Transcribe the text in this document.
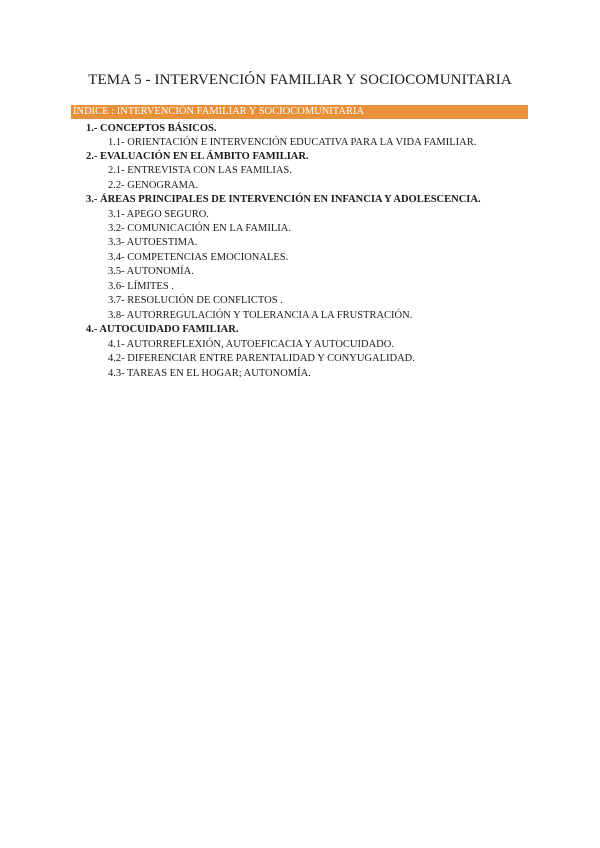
TEMA 5 - INTERVENCIÓN FAMILIAR Y SOCIOCOMUNITARIA
ÍNDICE : INTERVENCIÓN FAMILIAR Y SOCIOCOMUNITARIA
1.- CONCEPTOS BÁSICOS.
1.1- ORIENTACIÓN E INTERVENCIÓN EDUCATIVA PARA LA VIDA FAMILIAR.
2.- EVALUACIÓN EN EL ÁMBITO FAMILIAR.
2.1- ENTREVISTA CON LAS FAMILIAS.
2.2- GENOGRAMA.
3.- ÁREAS PRINCIPALES DE INTERVENCIÓN EN INFANCIA Y ADOLESCENCIA.
3.1- APEGO SEGURO.
3.2- COMUNICACIÓN EN LA FAMILIA.
3.3- AUTOESTIMA.
3.4- COMPETENCIAS EMOCIONALES.
3.5- AUTONOMÍA.
3.6- LÍMITES .
3.7- RESOLUCIÓN DE CONFLICTOS .
3.8- AUTORREGULACIÓN Y TOLERANCIA A LA FRUSTRACIÓN.
4.- AUTOCUIDADO FAMILIAR.
4.1- AUTORREFLEXIÓN, AUTOEFICACIA Y AUTOCUIDADO.
4.2- DIFERENCIAR ENTRE PARENTALIDAD Y CONYUGALIDAD.
4.3- TAREAS EN EL HOGAR; AUTONOMÍA.
